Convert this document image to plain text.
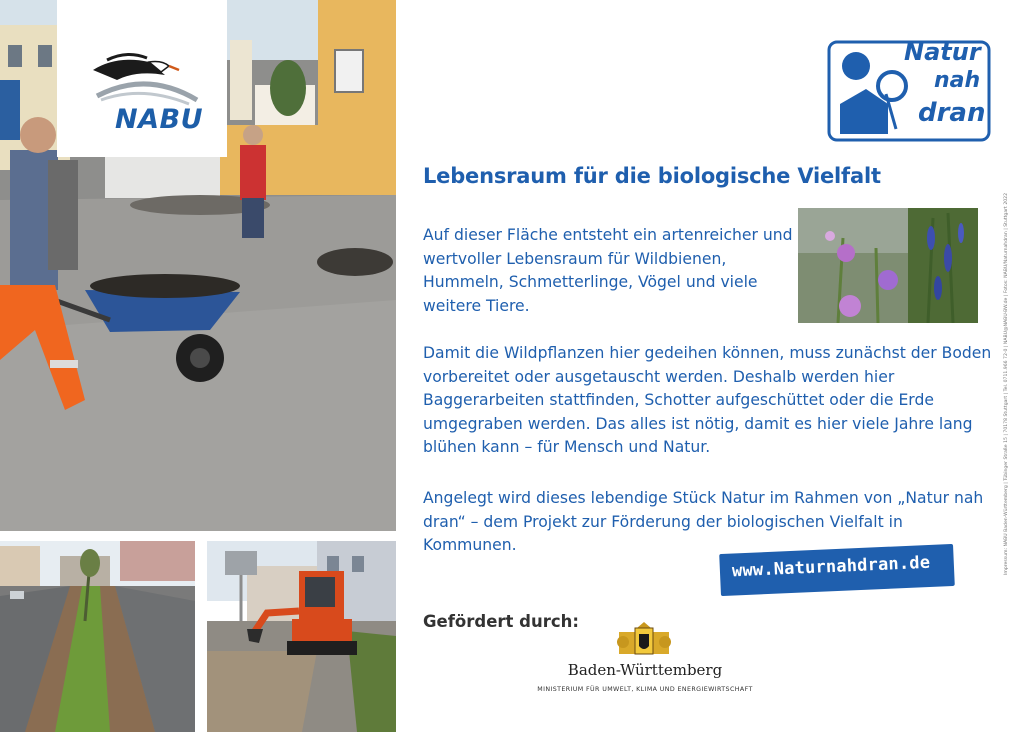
NABU
Natur
nah
dran
Lebensraum für die biologische Vielfalt

Auf dieser Fläche entsteht ein artenreicher und wertvoller Lebensraum für Wildbienen, Hummeln, Schmetterlinge, Vögel und viele weitere Tiere.

Damit die Wildpflanzen hier gedeihen können, muss zunächst der Boden vorbereitet oder ausgetauscht werden. Deshalb werden hier Baggerarbeiten stattfinden, Schotter aufgeschüttet oder die Erde umgegraben werden. Das alles ist nötig, damit es hier viele Jahre lang blühen kann – für Mensch und Natur.

Angelegt wird dieses lebendige Stück Natur im Rahmen von „Natur nah dran“ – dem Projekt zur Förderung der biologischen Vielfalt in Kommunen.

www.Naturnahdran.de
Gefördert durch:
Baden-Württemberg
MINISTERIUM FÜR UMWELT, KLIMA UND ENERGIEWIRTSCHAFT
Impressum: NABU Baden-Württemberg | Tübinger Straße 15 | 70178 Stuttgart | Tel. 0711.966 72-0 | NABU@NABU-BW.de | Fotos: NABU/Naturnahdran | Stuttgart 2022
